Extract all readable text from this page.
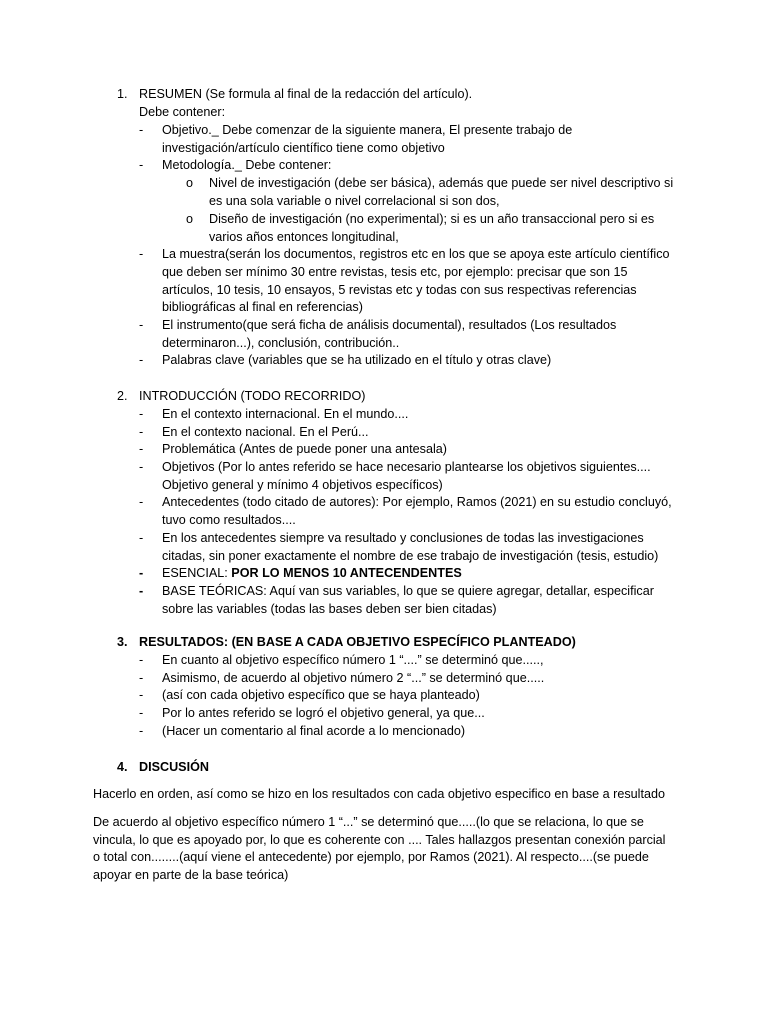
1. RESUMEN (Se formula al final de la redacción del artículo).
Debe contener:
- Objetivo._ Debe comenzar de la siguiente manera, El presente trabajo de investigación/artículo científico tiene como objetivo
- Metodología._ Debe contener:
o Nivel de investigación (debe ser básica), además que puede ser nivel descriptivo si es una sola variable o nivel correlacional si son dos,
o Diseño de investigación (no experimental); si es un año transaccional pero si es varios años entonces longitudinal,
- La muestra(serán los documentos, registros etc en los que se apoya este artículo científico que deben ser mínimo 30 entre revistas, tesis etc, por ejemplo: precisar que son 15 artículos, 10 tesis, 10 ensayos, 5 revistas etc y todas con sus respectivas referencias bibliográficas al final en referencias)
- El instrumento(que será ficha de análisis documental), resultados (Los resultados determinaron...), conclusión, contribución..
- Palabras clave (variables que se ha utilizado en el título y otras clave)
2. INTRODUCCIÓN (TODO RECORRIDO)
- En el contexto internacional. En el mundo....
- En el contexto nacional. En el Perú...
- Problemática (Antes de puede poner una antesala)
- Objetivos (Por lo antes referido se hace necesario plantearse los objetivos siguientes.... Objetivo general y mínimo 4 objetivos específicos)
- Antecedentes (todo citado de autores): Por ejemplo, Ramos (2021) en su estudio concluyó, tuvo como resultados....
- En los antecedentes siempre va resultado y conclusiones de todas las investigaciones citadas, sin poner exactamente el nombre de ese trabajo de investigación (tesis, estudio)
- ESENCIAL: POR LO MENOS 10 ANTECENDENTES
- BASE TEÓRICAS: Aquí van sus variables, lo que se quiere agregar, detallar, especificar sobre las variables (todas las bases deben ser bien citadas)
3. RESULTADOS: (EN BASE A CADA OBJETIVO ESPECÍFICO PLANTEADO)
- En cuanto al objetivo específico número 1 “....” se determinó que.....,
- Asimismo, de acuerdo al objetivo número 2 “...” se determinó que.....
- (así con cada objetivo específico que se haya planteado)
- Por lo antes referido se logró el objetivo general, ya que...
- (Hacer un comentario al final acorde a lo mencionado)
4. DISCUSIÓN
Hacerlo en orden, así como se hizo en los resultados con cada objetivo especifico en base a resultado
De acuerdo al objetivo específico número 1 “...” se determinó que.....(lo que se relaciona, lo que se
vincula, lo que es apoyado por, lo que es coherente con .... Tales hallazgos presentan conexión parcial
o total con........(aquí viene el antecedente) por ejemplo, por Ramos (2021). Al respecto....(se puede
apoyar en parte de la base teórica)
